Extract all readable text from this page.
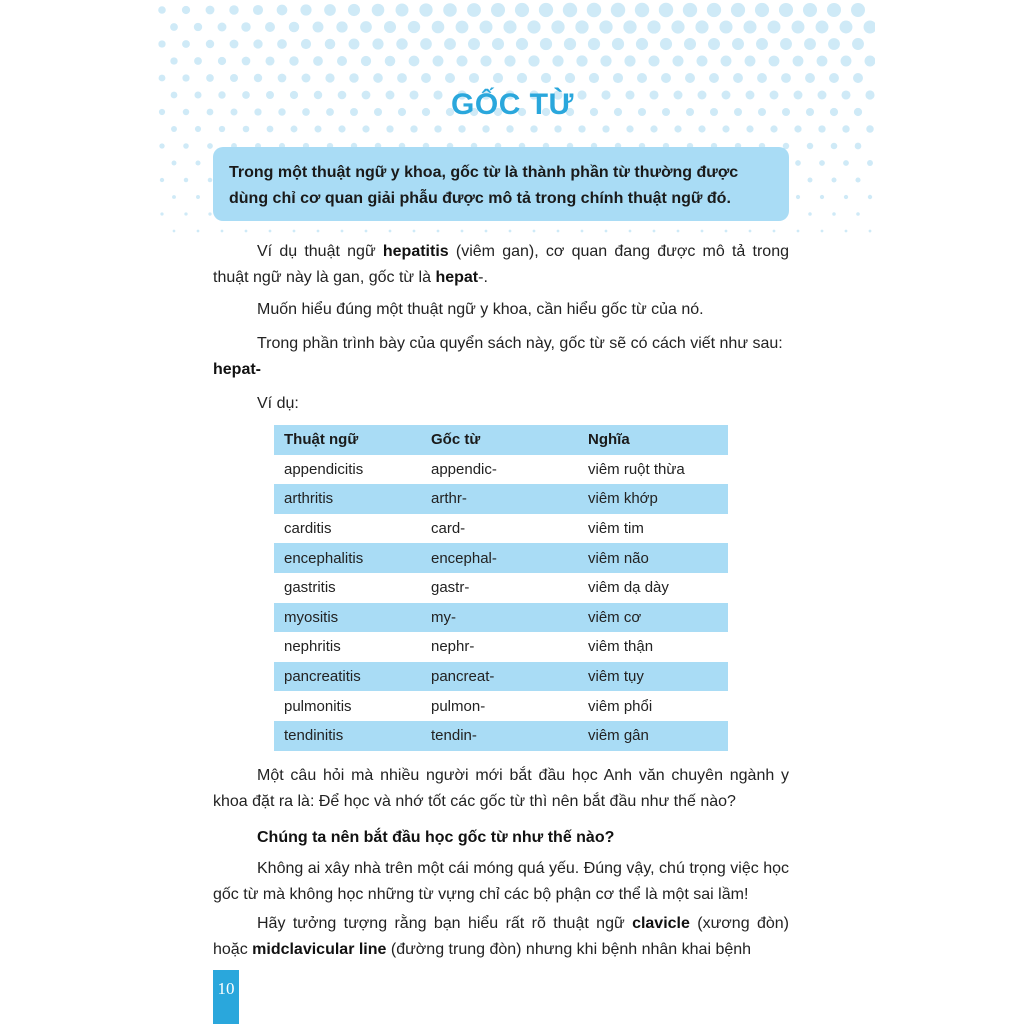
GỐC TỪ
Trong một thuật ngữ y khoa, gốc từ là thành phần từ thường được dùng chỉ cơ quan giải phẫu được mô tả trong chính thuật ngữ đó.
Ví dụ thuật ngữ hepatitis (viêm gan), cơ quan đang được mô tả trong thuật ngữ này là gan, gốc từ là hepat-.
Muốn hiểu đúng một thuật ngữ y khoa, cần hiểu gốc từ của nó.
Trong phần trình bày của quyển sách này, gốc từ sẽ có cách viết như sau:
hepat-
Ví dụ:
Thuật ngữ	Gốc từ	Nghĩa
appendicitis	appendic-	viêm ruột thừa
arthritis	arthr-	viêm khớp
carditis	card-	viêm tim
encephalitis	encephal-	viêm não
gastritis	gastr-	viêm dạ dày
myositis	my-	viêm cơ
nephritis	nephr-	viêm thận
pancreatitis	pancreat-	viêm tụy
pulmonitis	pulmon-	viêm phổi
tendinitis	tendin-	viêm gân
Một câu hỏi mà nhiều người mới bắt đầu học Anh văn chuyên ngành y khoa đặt ra là: Để học và nhớ tốt các gốc từ thì nên bắt đầu như thế nào?
Chúng ta nên bắt đầu học gốc từ như thế nào?
Không ai xây nhà trên một cái móng quá yếu. Đúng vậy, chú trọng việc học gốc từ mà không học những từ vựng chỉ các bộ phận cơ thể là một sai lầm!
Hãy tưởng tượng rằng bạn hiểu rất rõ thuật ngữ clavicle (xương đòn) hoặc midclavicular line (đường trung đòn) nhưng khi bệnh nhân khai bệnh
10
